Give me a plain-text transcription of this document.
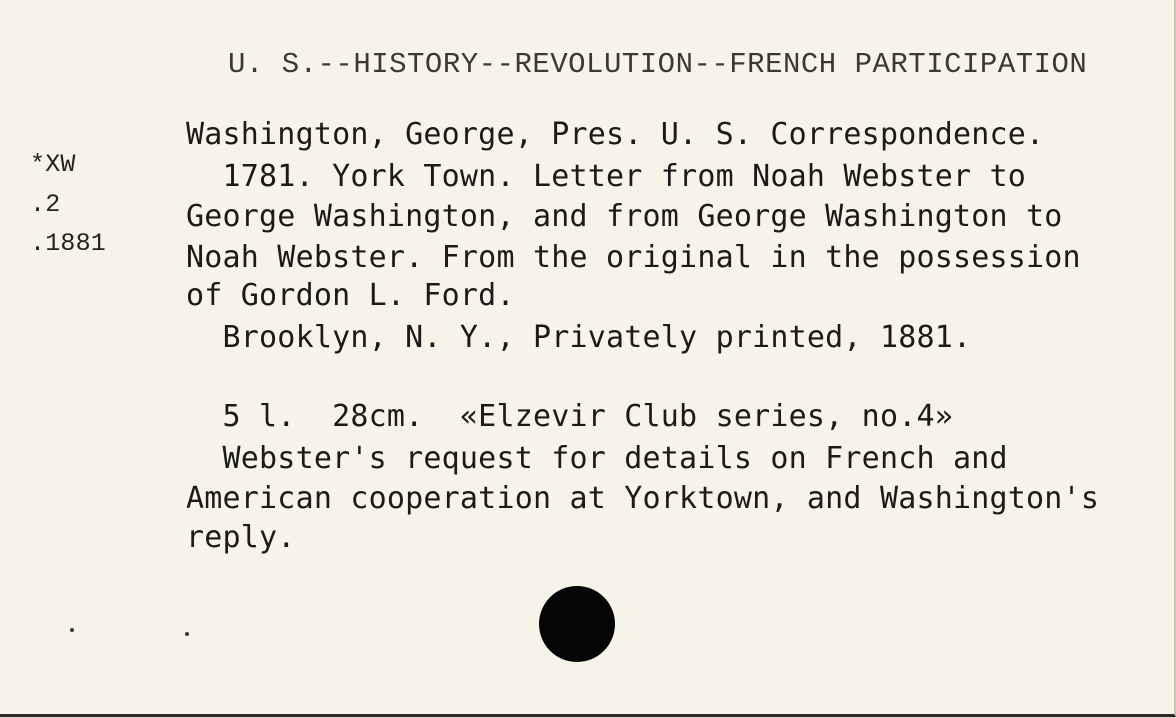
U. S.--HISTORY--REVOLUTION--FRENCH PARTICIPATION
*XW
.2
.1881
Washington, George, Pres. U. S. Correspondence.
1781. York Town. Letter from Noah Webster to
George Washington, and from George Washington to
Noah Webster. From the original in the possession
of Gordon L. Ford.
Brooklyn, N. Y., Privately printed, 1881.
5 l.  28cm.  «Elzevir Club series, no.4»
Webster's request for details on French and
American cooperation at Yorktown, and Washington's
reply.
